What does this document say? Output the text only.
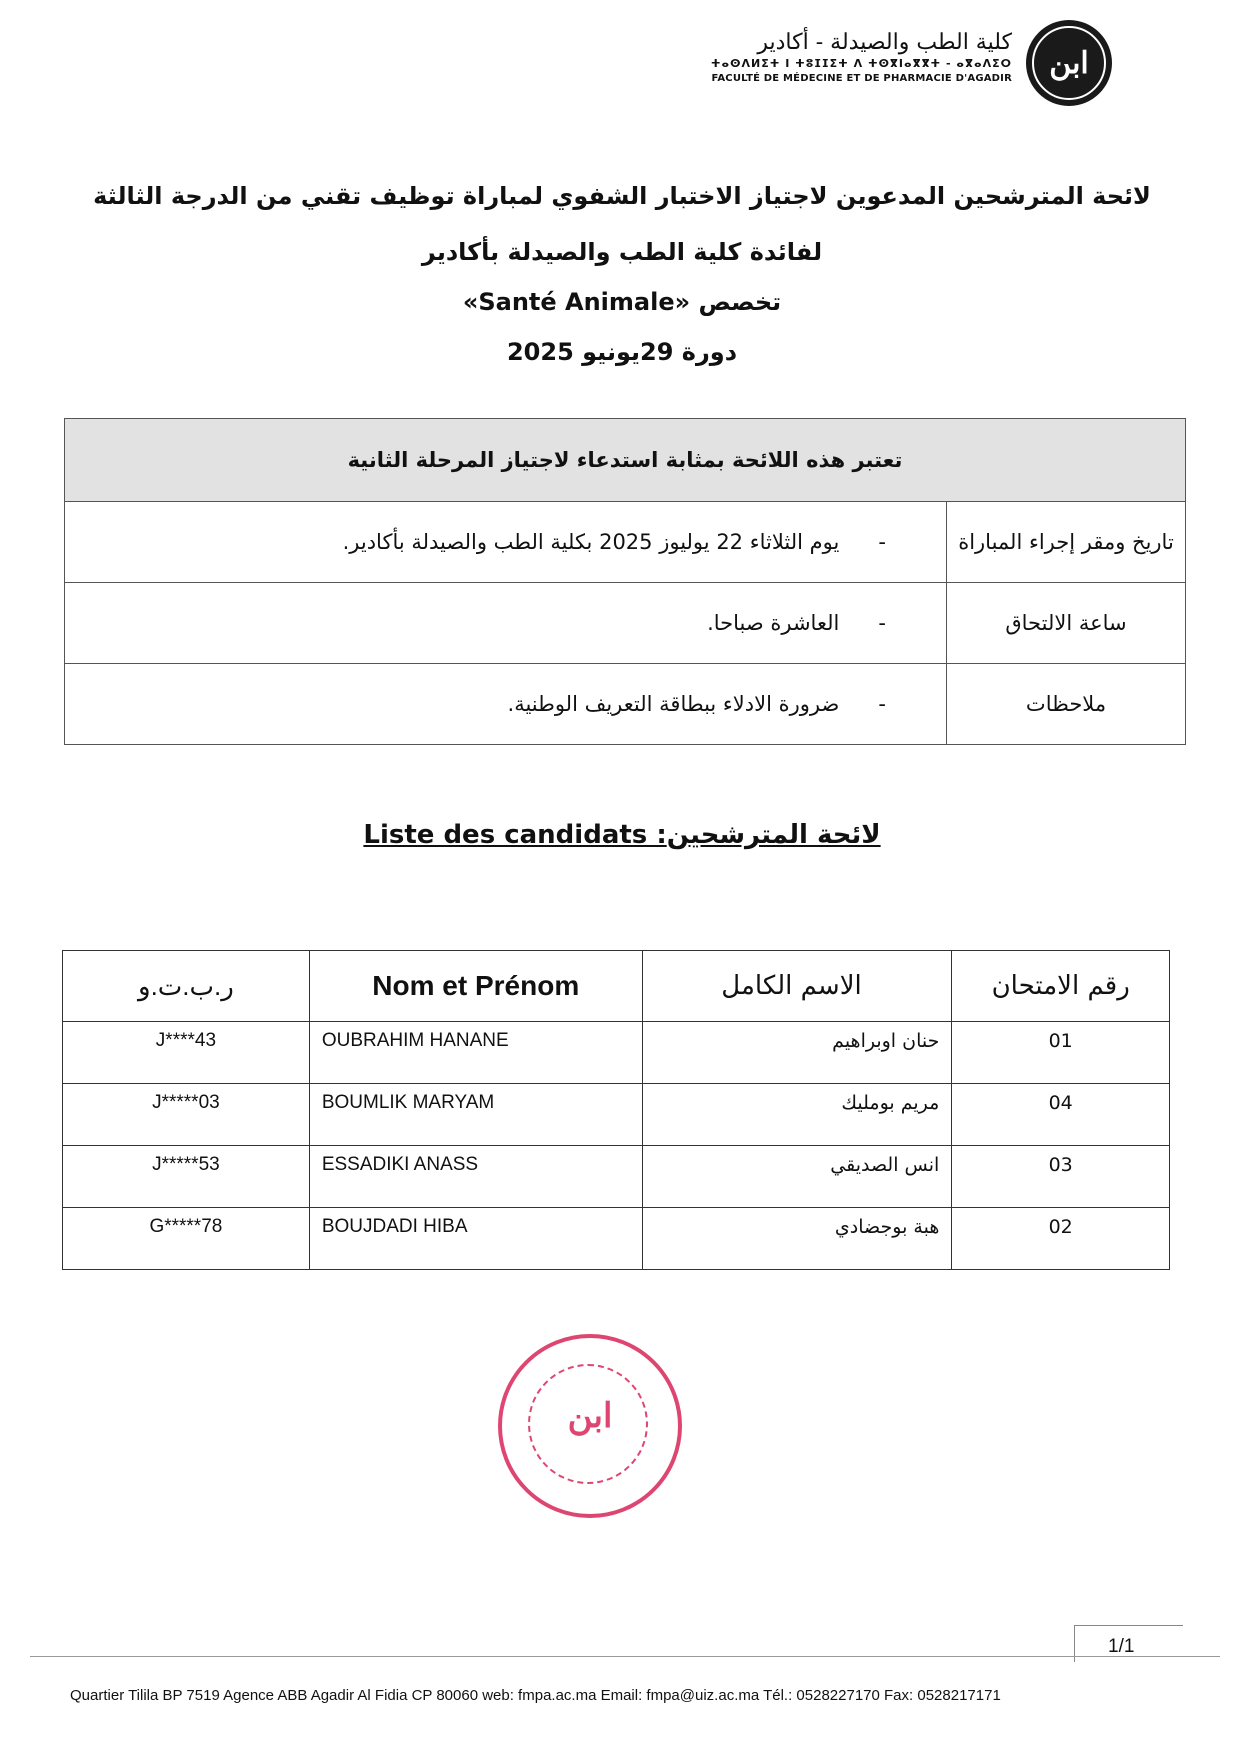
ابن
كلية الطب والصيدلة - أكادير
ⵜⴰⵙⴷⵍⵉⵜ ⵏ ⵜⵓⵊⵊⵉⵜ ⴷ ⵜⵙⴳⵏⴰⴳⴳⵜ - ⴰⴳⴰⴷⵉⵔ
FACULTÉ DE MÉDECINE ET DE PHARMACIE D'AGADIR
لائحة المترشحين المدعوين لاجتياز الاختبار الشفوي لمباراة توظيف تقني من الدرجة الثالثة
لفائدة كلية الطب والصيدلة بأكادير
تخصص «Santé Animale»
دورة 29يونيو 2025
تعتبر هذه اللائحة بمثابة استدعاء لاجتياز المرحلة الثانية	
تاريخ ومقر إجراء المباراة	- يوم الثلاثاء 22 يوليوز 2025 بكلية الطب والصيدلة بأكادير.
ساعة الالتحاق	- العاشرة صباحا.
ملاحظات	- ضرورة الادلاء ببطاقة التعريف الوطنية.
Liste des candidats :لائحة المترشحين
رقم الامتحان	الاسم الكامل	Nom et Prénom	ر.ب.ت.و
01	حنان اوبراهيم	OUBRAHIM HANANE	J****43
04	مريم بومليك	BOUMLIK MARYAM	J*****03
03	انس الصديقي	ESSADIKI ANASS	J*****53
02	هبة بوجضادي	BOUJDADI HIBA	G*****78
ابن
1/1
Quartier Tilila BP 7519 Agence ABB Agadir Al Fidia CP 80060 web: fmpa.ac.ma Email: fmpa@uiz.ac.ma Tél.: 0528227170 Fax: 0528217171
